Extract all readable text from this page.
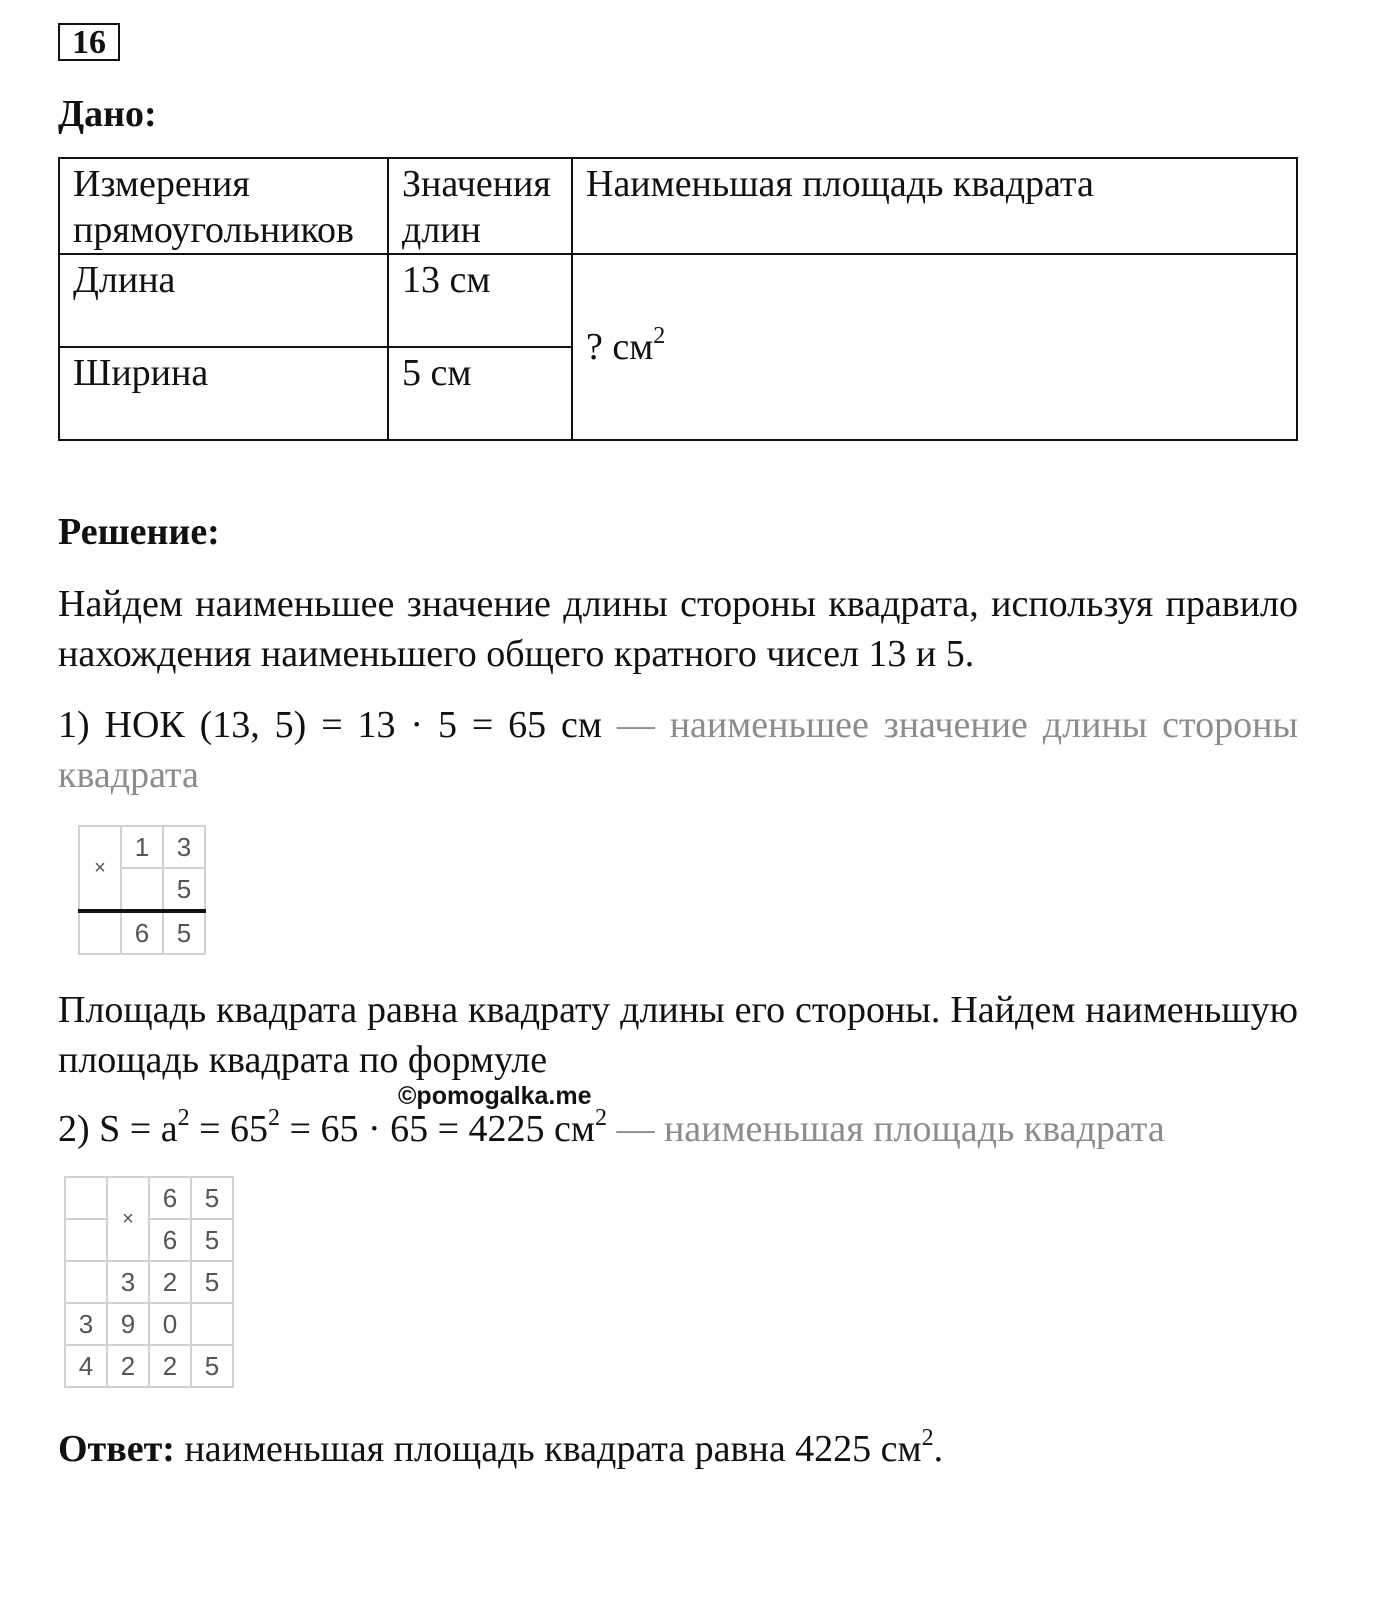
16
Дано:
Измерения прямоугольников	Значения длин	Наименьшая площадь квадрата
Длина	13 см	? $см^2$
Ширина	5 см	
Решение:
Найдем наименьшее значение длины стороны квадрата, используя правило нахождения наименьшего общего кратного чисел 13 и 5.
1) НОК (13, 5) = 13 · 5 = 65 см — наименьшее значение длины стороны квадрата
×	1	3
		5
	6	5
Площадь квадрата равна квадрату длины его стороны. Найдем наименьшую площадь квадрата по формуле
©pomogalka.me
2) $S = a^2 = 65^2 = 65 \cdot 65 = 4225$ $см^2$ — наименьшая площадь квадрата
	×	6	5
		6	5
	3	2	5
3	9	0	
4	2	2	5
Ответ: наименьшая площадь квадрата равна 4225 $см^2$.
